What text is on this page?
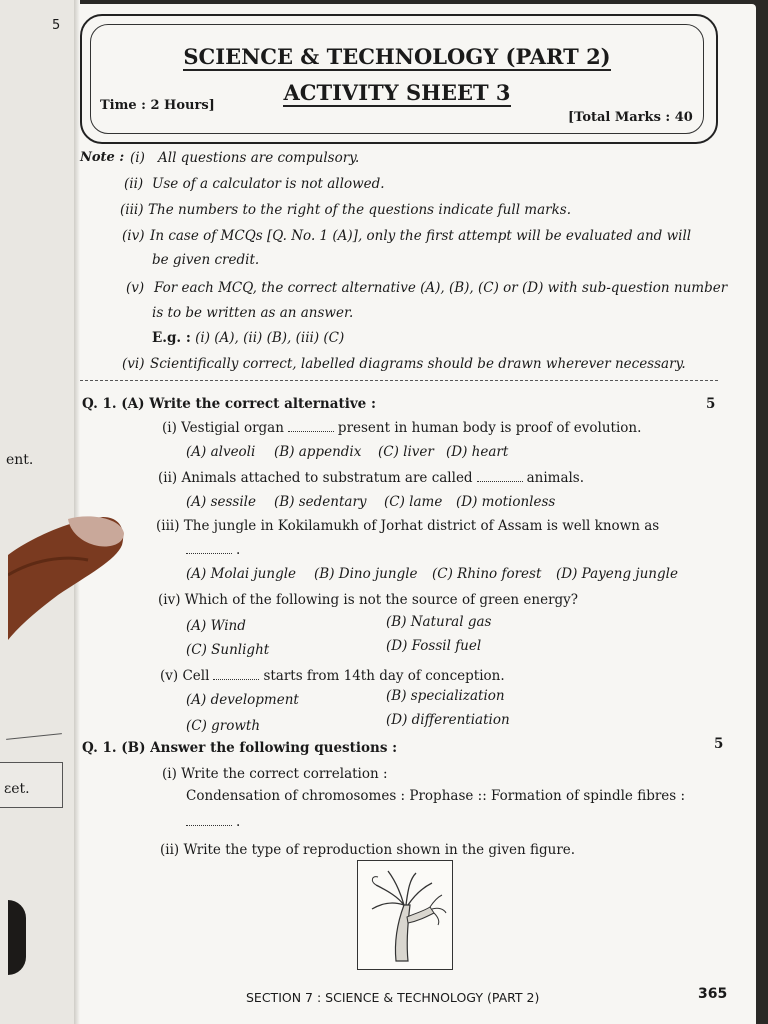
5
ent.
ɛet.
SCIENCE & TECHNOLOGY (PART 2)
ACTIVITY SHEET 3
Time : 2 Hours]
[Total Marks : 40
Note : (i) All questions are compulsory.
(ii) Use of a calculator is not allowed.
(iii) The numbers to the right of the questions indicate full marks.
(iv) In case of MCQs [Q. No. 1 (A)], only the first attempt will be evaluated and will
be given credit.
(v) For each MCQ, the correct alternative (A), (B), (C) or (D) with sub-question number
is to be written as an answer.
E.g. : (i) (A), (ii) (B), (iii) (C)
(vi) Scientifically correct, labelled diagrams should be drawn wherever necessary.
Q. 1. (A) Write the correct alternative :	5
(i) Vestigial organ	present in human body is proof of evolution.
(A) alveoli (B) appendix (C) liver (D) heart
(ii) Animals attached to substratum are called	animals.
(A) sessile (B) sedentary (C) lame (D) motionless
(iii) The jungle in Kokilamukh of Jorhat district of Assam is well known as
.
(A) Molai jungle (B) Dino jungle (C) Rhino forest (D) Payeng jungle
(iv) Which of the following is not the source of green energy?
(A) Wind	(B) Natural gas
(C) Sunlight	(D) Fossil fuel
(v) Cell	starts from 14th day of conception.
(A) development	(B) specialization
(C) growth	(D) differentiation
Q. 1. (B) Answer the following questions :	5
(i) Write the correct correlation :
Condensation of chromosomes : Prophase :: Formation of spindle fibres :
.
(ii) Write the type of reproduction shown in the given figure.
SECTION 7 : SCIENCE & TECHNOLOGY (PART 2)	365
